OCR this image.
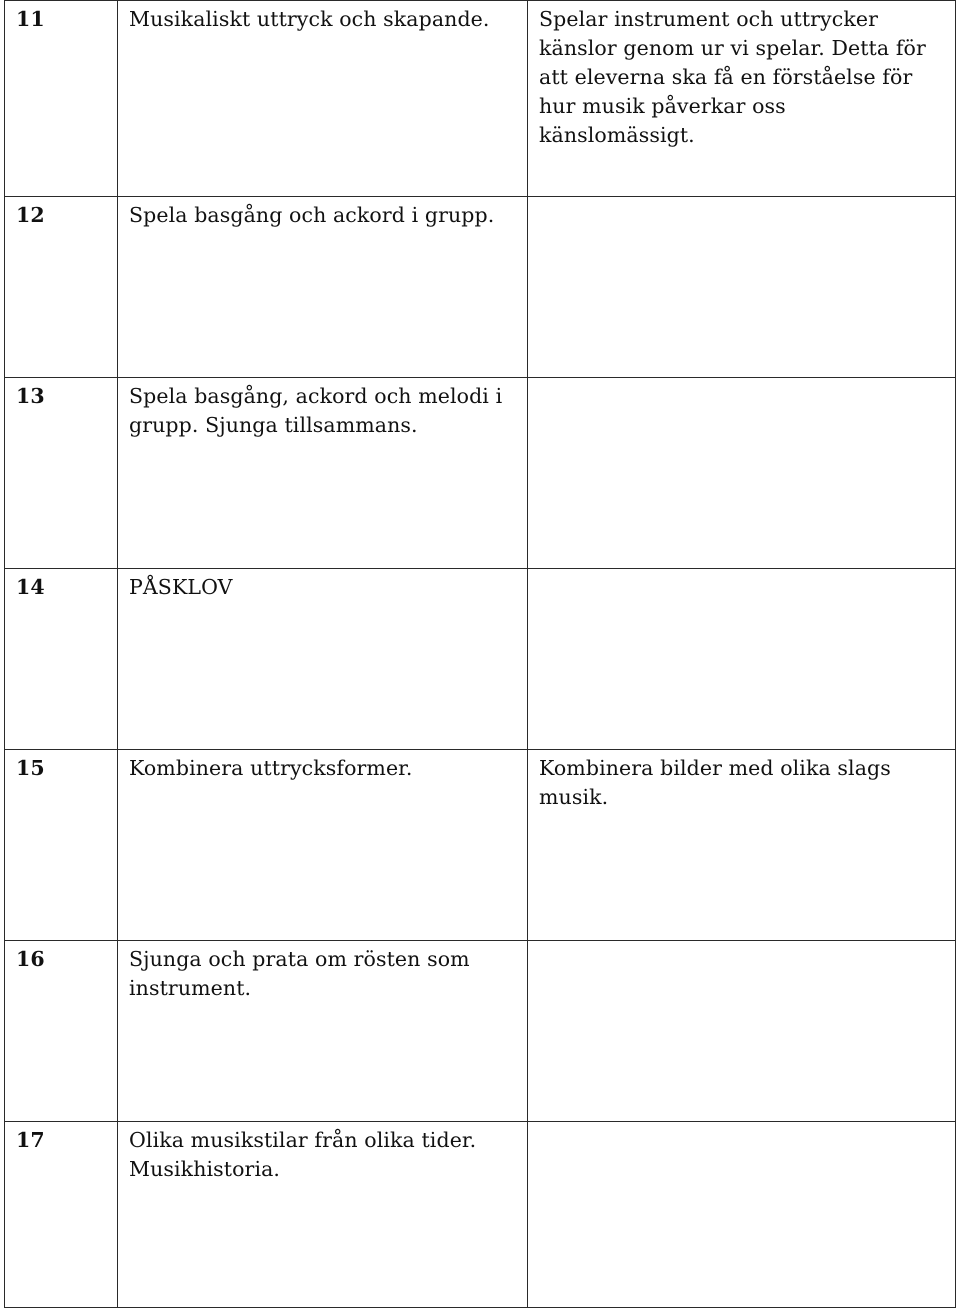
11	Musikaliskt uttryck och skapande.	Spelar instrument och uttrycker känslor genom ur vi spelar. Detta för att eleverna ska få en förståelse för hur musik påverkar oss känslomässigt.
12	Spela basgång och ackord i grupp.	
13	Spela basgång, ackord och melodi i grupp. Sjunga tillsammans.	
14	PÅSKLOV	
15	Kombinera uttrycksformer.	Kombinera bilder med olika slags musik.
16	Sjunga och prata om rösten som instrument.	
17	Olika musikstilar från olika tider. Musikhistoria.	
